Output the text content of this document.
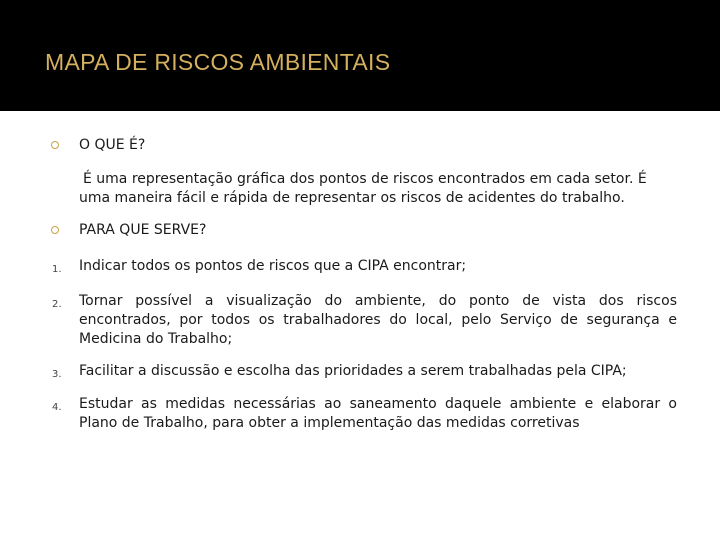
MAPA DE RISCOS AMBIENTAIS
O QUE É?
É uma representação gráfica dos pontos de riscos encontrados em cada setor. É
uma maneira fácil e rápida de representar os riscos de acidentes do trabalho.
PARA QUE SERVE?
1. Indicar todos os pontos de riscos que a CIPA encontrar;
2. Tornar possível a visualização do ambiente, do ponto de vista dos riscos encontrados, por todos os trabalhadores do local, pelo Serviço de segurança e Medicina do Trabalho;
3. Facilitar a discussão e escolha das prioridades a serem trabalhadas pela CIPA;
4. Estudar as medidas necessárias ao saneamento daquele ambiente e elaborar o Plano de Trabalho, para obter a implementação das medidas corretivas
